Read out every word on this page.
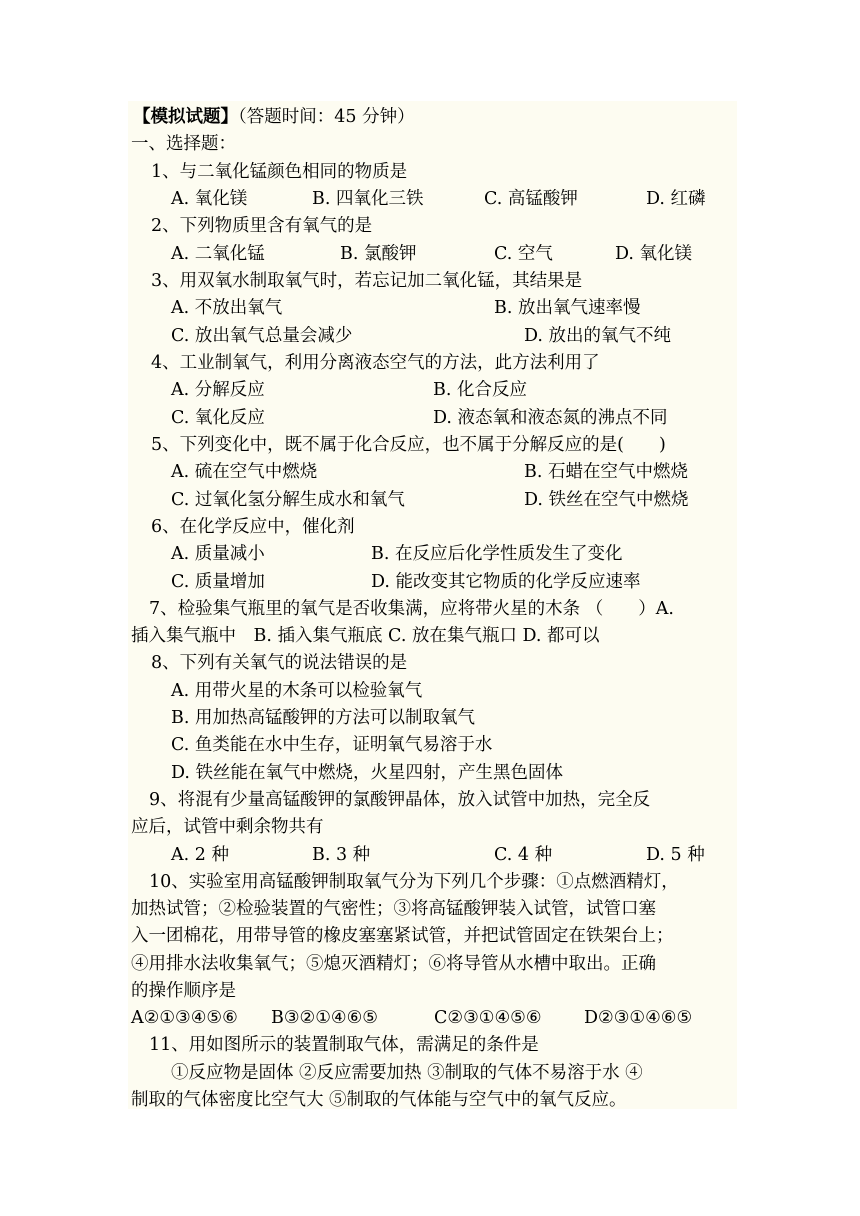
【模拟试题】（答题时间：45 分钟）
一、选择题：
1、与二氧化锰颜色相同的物质是
A. 氧化镁	B. 四氧化三铁	C. 高锰酸钾	D. 红磷
2、下列物质里含有氧气的是
A. 二氧化锰	B. 氯酸钾	C. 空气	D. 氧化镁
3、用双氧水制取氧气时，若忘记加二氧化锰，其结果是
A. 不放出氧气	B. 放出氧气速率慢
C. 放出氧气总量会减少	D. 放出的氧气不纯
4、工业制氧气，利用分离液态空气的方法，此方法利用了
A. 分解反应	B. 化合反应
C. 氧化反应	D. 液态氧和液态氮的沸点不同
5、下列变化中，既不属于化合反应，也不属于分解反应的是(　　)
A. 硫在空气中燃烧	B. 石蜡在空气中燃烧
C. 过氧化氢分解生成水和氧气	D. 铁丝在空气中燃烧
6、在化学反应中，催化剂
A. 质量减小	B. 在反应后化学性质发生了变化
C. 质量增加	D. 能改变其它物质的化学反应速率
7、检验集气瓶里的氧气是否收集满，应将带火星的木条 （　　）A.
插入集气瓶中　B. 插入集气瓶底 C. 放在集气瓶口 D. 都可以
8、下列有关氧气的说法错误的是
A. 用带火星的木条可以检验氧气
B. 用加热高锰酸钾的方法可以制取氧气
C. 鱼类能在水中生存，证明氧气易溶于水
D. 铁丝能在氧气中燃烧，火星四射，产生黑色固体
9、将混有少量高锰酸钾的氯酸钾晶体，放入试管中加热，完全反
应后，试管中剩余物共有
A. 2 种	B. 3 种	C. 4 种	D. 5 种
10、实验室用高锰酸钾制取氧气分为下列几个步骤：①点燃酒精灯，
加热试管；②检验装置的气密性；③将高锰酸钾装入试管，试管口塞
入一团棉花，用带导管的橡皮塞塞紧试管，并把试管固定在铁架台上；
④用排水法收集氧气；⑤熄灭酒精灯；⑥将导管从水槽中取出。正确
的操作顺序是
A②①③④⑤⑥ B③②①④⑥⑤	C②③①④⑤⑥ D②③①④⑥⑤
11、用如图所示的装置制取气体，需满足的条件是
①反应物是固体 ②反应需要加热 ③制取的气体不易溶于水 ④
制取的气体密度比空气大 ⑤制取的气体能与空气中的氧气反应。
